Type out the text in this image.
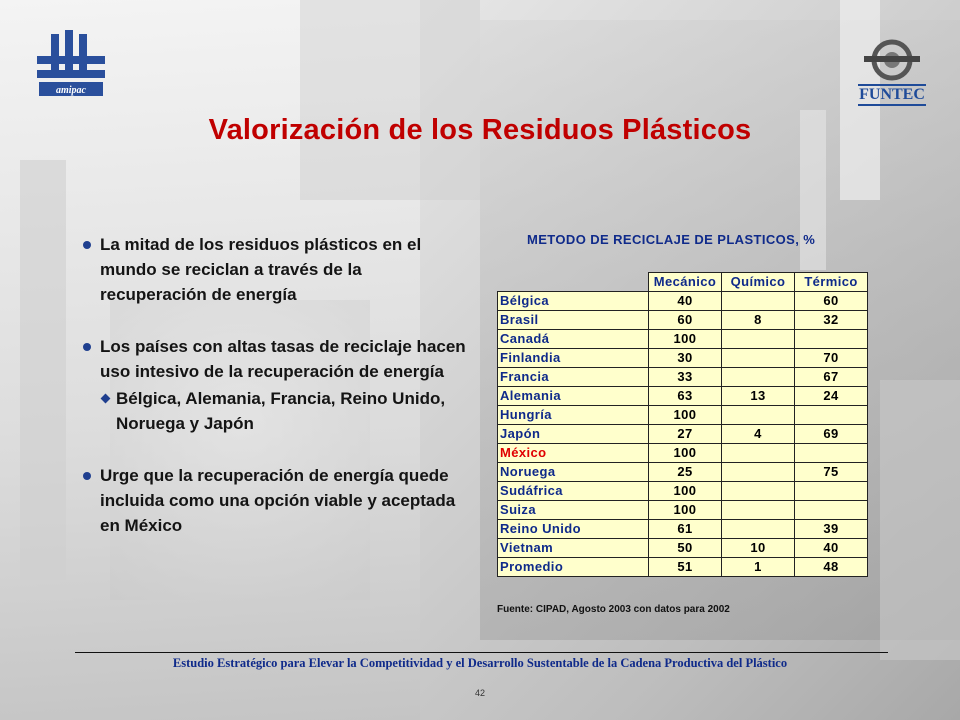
amipac	FUNTEC
Valorización de los Residuos Plásticos
La mitad de los residuos plásticos en el mundo se reciclan a través de la recuperación de energía
Los países con altas tasas de reciclaje hacen uso intesivo de la recuperación de energía
Bélgica, Alemania, Francia, Reino Unido, Noruega y Japón
Urge que la recuperación de energía quede incluida como una opción viable y aceptada en México
METODO DE RECICLAJE DE PLASTICOS, %
	Mecánico	Químico	Térmico
Bélgica	40		60
Brasil	60	8	32
Canadá	100		
Finlandia	30		70
Francia	33		67
Alemania	63	13	24
Hungría	100		
Japón	27	4	69
México	100		
Noruega	25		75
Sudáfrica	100		
Suiza	100		
Reino Unido	61		39
Vietnam	50	10	40
Promedio	51	1	48
Fuente: CIPAD, Agosto 2003 con datos para 2002
Estudio Estratégico para Elevar la Competitividad y el Desarrollo Sustentable de la Cadena Productiva del Plástico
42
